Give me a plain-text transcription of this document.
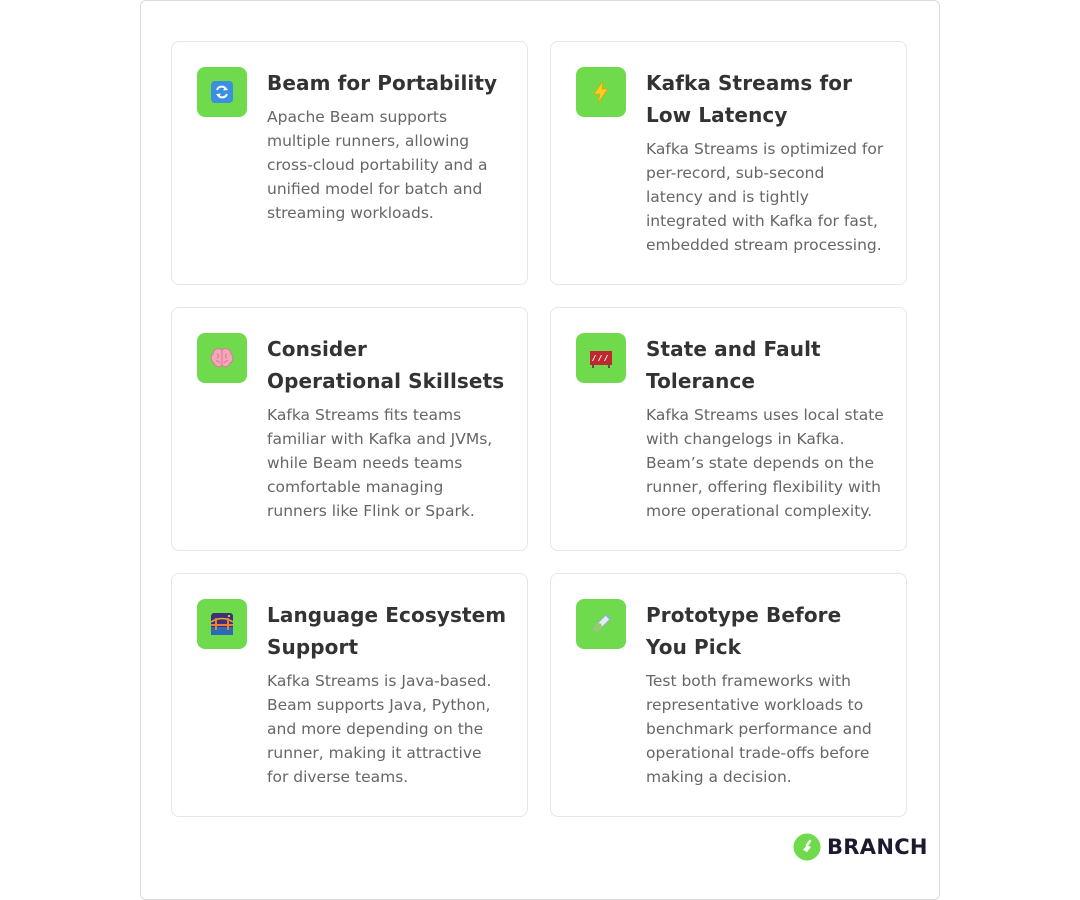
Beam for Portability

Apache Beam supports multiple runners, allowing cross-cloud portability and a unified model for batch and streaming workloads.

Kafka Streams for Low Latency

Kafka Streams is optimized for per-record, sub-second latency and is tightly integrated with Kafka for fast, embedded stream processing.

Consider Operational Skillsets

Kafka Streams fits teams familiar with Kafka and JVMs, while Beam needs teams comfortable managing runners like Flink or Spark.

State and Fault Tolerance

Kafka Streams uses local state with changelogs in Kafka. Beam’s state depends on the runner, offering flexibility with more operational complexity.

Language Ecosystem Support

Kafka Streams is Java-based. Beam supports Java, Python, and more depending on the runner, making it attractive for diverse teams.

Prototype Before You Pick

Test both frameworks with representative workloads to benchmark performance and operational trade-offs before making a decision.

BRANCH
